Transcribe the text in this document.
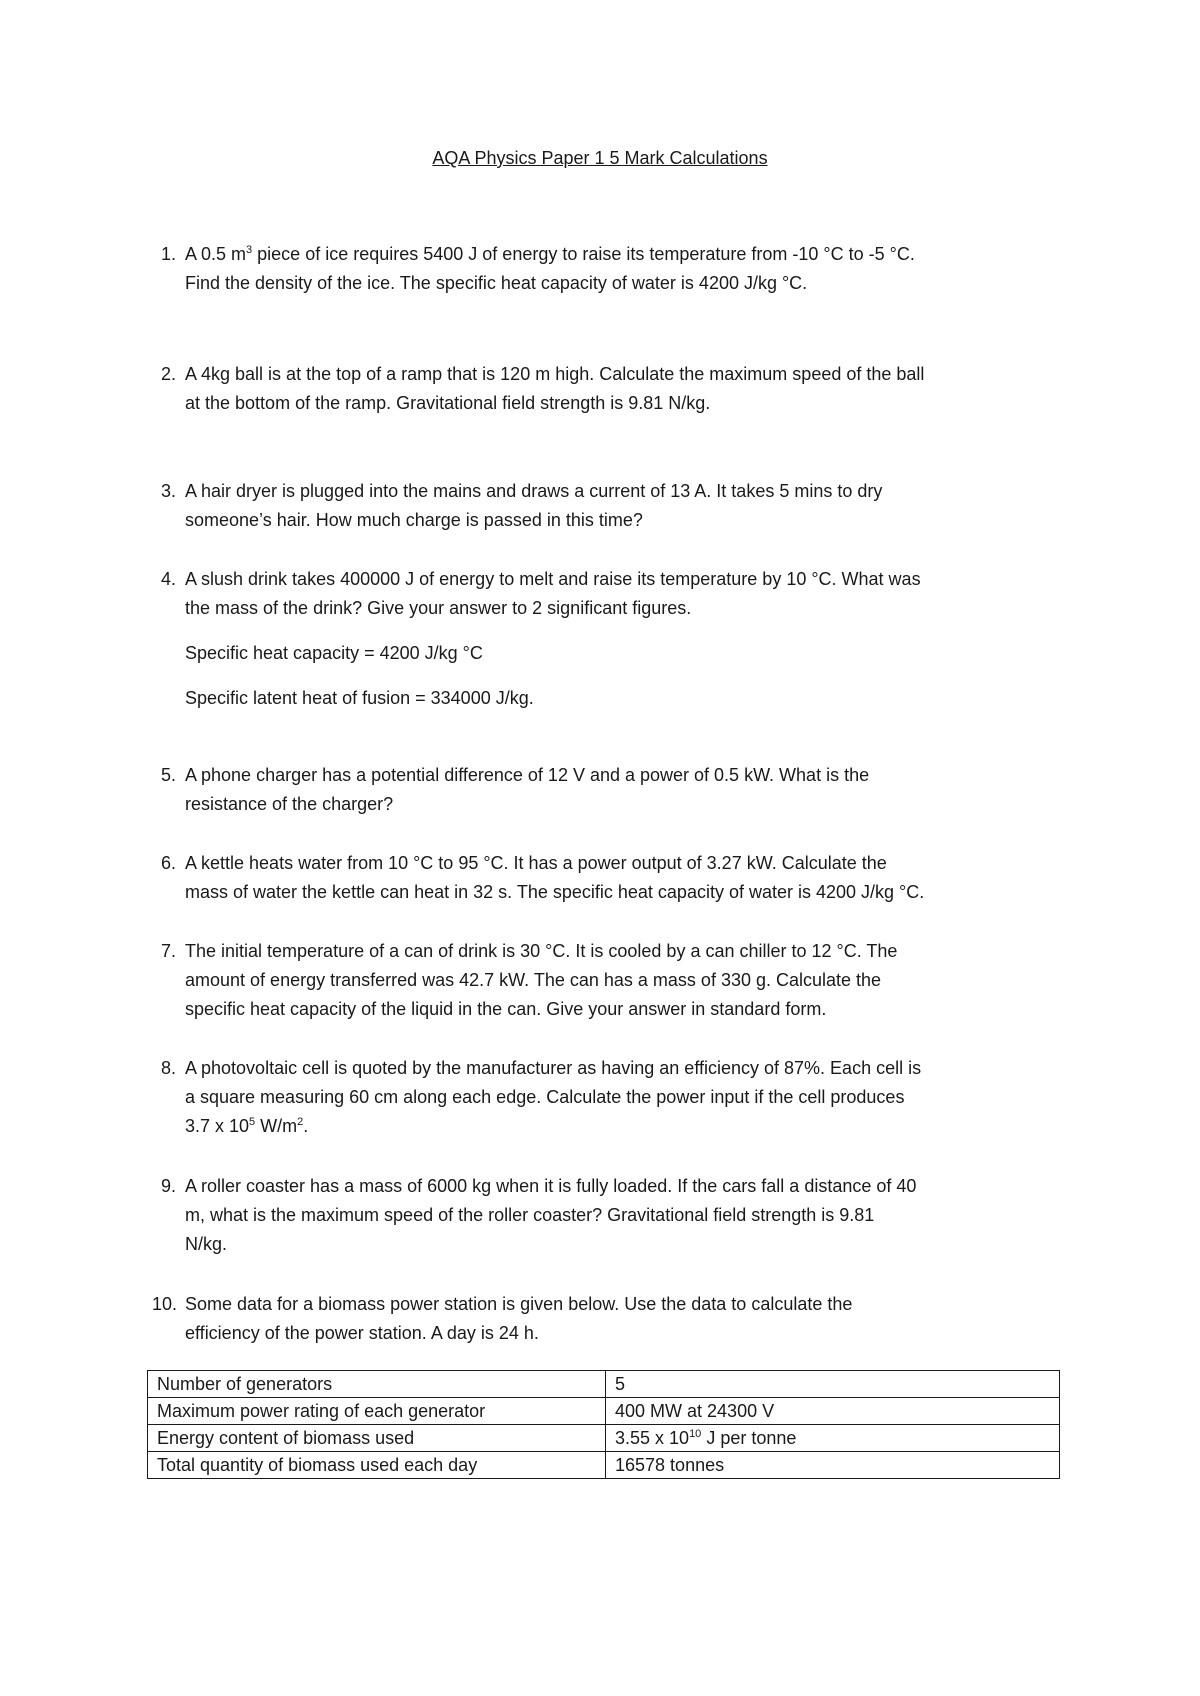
AQA Physics Paper 1 5 Mark Calculations
1. A 0.5 $m^3$ piece of ice requires 5400 J of energy to raise its temperature from -10 °C to -5 °C.
Find the density of the ice. The specific heat capacity of water is 4200 J/kg °C.
2. A 4kg ball is at the top of a ramp that is 120 m high. Calculate the maximum speed of the ball
at the bottom of the ramp. Gravitational field strength is 9.81 N/kg.
3. A hair dryer is plugged into the mains and draws a current of 13 A. It takes 5 mins to dry
someone’s hair. How much charge is passed in this time?
4. A slush drink takes 400000 J of energy to melt and raise its temperature by 10 °C. What was
the mass of the drink? Give your answer to 2 significant figures.
Specific heat capacity = 4200 J/kg °C
Specific latent heat of fusion = 334000 J/kg.
5. A phone charger has a potential difference of 12 V and a power of 0.5 kW. What is the
resistance of the charger?
6. A kettle heats water from 10 °C to 95 °C. It has a power output of 3.27 kW. Calculate the
mass of water the kettle can heat in 32 s. The specific heat capacity of water is 4200 J/kg °C.
7. The initial temperature of a can of drink is 30 °C. It is cooled by a can chiller to 12 °C. The
amount of energy transferred was 42.7 kW. The can has a mass of 330 g. Calculate the
specific heat capacity of the liquid in the can. Give your answer in standard form.
8. A photovoltaic cell is quoted by the manufacturer as having an efficiency of 87%. Each cell is
a square measuring 60 cm along each edge. Calculate the power input if the cell produces
3.7 x $10^5$ $W/m^2$.
9. A roller coaster has a mass of 6000 kg when it is fully loaded. If the cars fall a distance of 40
m, what is the maximum speed of the roller coaster? Gravitational field strength is 9.81
N/kg.
10. Some data for a biomass power station is given below. Use the data to calculate the
efficiency of the power station. A day is 24 h.
Number of generators	5
Maximum power rating of each generator	400 MW at 24300 V
Energy content of biomass used	3.55 x $10^{10}$ J per tonne
Total quantity of biomass used each day	16578 tonnes
